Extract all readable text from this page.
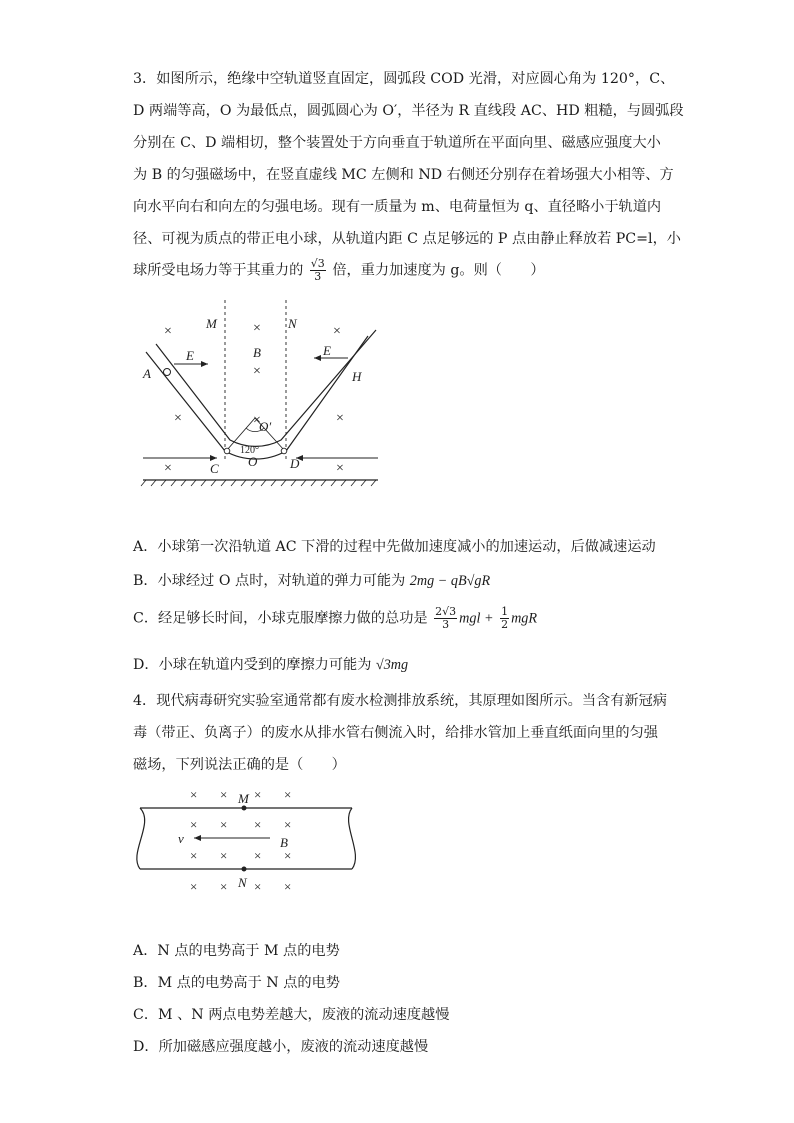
3．如图所示，绝缘中空轨道竖直固定，圆弧段 COD 光滑，对应圆心角为 120°，C、
D 两端等高，O 为最低点，圆弧圆心为 O′，半径为 R 直线段 AC、HD 粗糙，与圆弧段
分别在 C、D 端相切，整个装置处于方向垂直于轨道所在平面向里、磁感应强度大小
为 B 的匀强磁场中，在竖直虚线 MC 左侧和 ND 右侧还分别存在着场强大小相等、方
向水平向右和向左的匀强电场。现有一质量为 m、电荷量恒为 q、直径略小于轨道内
径、可视为质点的带正电小球，从轨道内距 C 点足够远的 P 点由静止释放若 PC=l，小
球所受电场力等于其重力的 $\frac{√3}{3}$ 倍，重力加速度为 g。则（　　）
×	×	×
×
×	×	×
×	×
M	N
B
E	E
A	H
O′
O
C	D
120°
A．小球第一次沿轨道 AC 下滑的过程中先做加速度减小的加速运动，后做减速运动
B．小球经过 O 点时，对轨道的弹力可能为 2mg − qB√gR
C．经足够长时间，小球克服摩擦力做的总功是 $\frac{2√3}{3}$ mgl + $\frac{1}{2}$ mgR
D．小球在轨道内受到的摩擦力可能为 √3mg
4．现代病毒研究实验室通常都有废水检测排放系统，其原理如图所示。当含有新冠病
毒（带正、负离子）的废水从排水管右侧流入时，给排水管加上垂直纸面向里的匀强
磁场，下列说法正确的是（　　）
× × × ×
× × × ×
× × × ×
× × × ×
M
N
v	B
A．N 点的电势高于 M 点的电势
B．M 点的电势高于 N 点的电势
C．M 、N 两点电势差越大，废液的流动速度越慢
D．所加磁感应强度越小，废液的流动速度越慢
